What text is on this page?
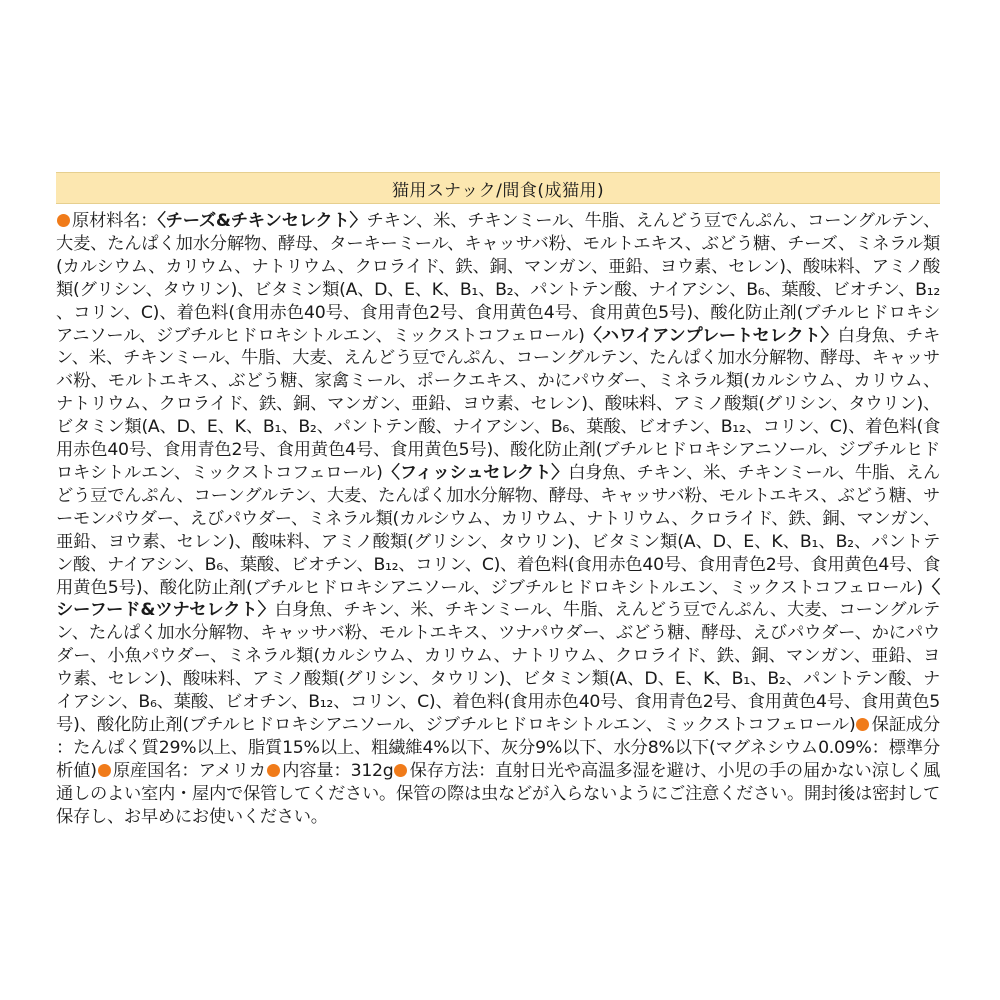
猫用スナック/間食(成猫用)
原材料名：〈チーズ&チキンセレクト〉チキン、米、チキンミール、牛脂、えんどう豆でんぷん、コーングルテン、大麦、たんぱく加水分解物、酵母、ターキーミール、キャッサバ粉、モルトエキス、ぶどう糖、チーズ、ミネラル類(カルシウム、カリウム、ナトリウム、クロライド、鉄、銅、マンガン、亜鉛、ヨウ素、セレン)、酸味料、アミノ酸類(グリシン、タウリン)、ビタミン類(A、D、E、K、B₁、B₂、パントテン酸、ナイアシン、B₆、葉酸、ビオチン、B₁₂、コリン、C)、着色料(食用赤色40号、食用青色2号、食用黄色4号、食用黄色5号)、酸化防止剤(ブチルヒドロキシアニソール、ジブチルヒドロキシトルエン、ミックストコフェロール)〈ハワイアンプレートセレクト〉白身魚、チキン、米、チキンミール、牛脂、大麦、えんどう豆でんぷん、コーングルテン、たんぱく加水分解物、酵母、キャッサバ粉、モルトエキス、ぶどう糖、家禽ミール、ポークエキス、かにパウダー、ミネラル類(カルシウム、カリウム、ナトリウム、クロライド、鉄、銅、マンガン、亜鉛、ヨウ素、セレン)、酸味料、アミノ酸類(グリシン、タウリン)、ビタミン類(A、D、E、K、B₁、B₂、パントテン酸、ナイアシン、B₆、葉酸、ビオチン、B₁₂、コリン、C)、着色料(食用赤色40号、食用青色2号、食用黄色4号、食用黄色5号)、酸化防止剤(ブチルヒドロキシアニソール、ジブチルヒドロキシトルエン、ミックストコフェロール)〈フィッシュセレクト〉白身魚、チキン、米、チキンミール、牛脂、えんどう豆でんぷん、コーングルテン、大麦、たんぱく加水分解物、酵母、キャッサバ粉、モルトエキス、ぶどう糖、サーモンパウダー、えびパウダー、ミネラル類(カルシウム、カリウム、ナトリウム、クロライド、鉄、銅、マンガン、亜鉛、ヨウ素、セレン)、酸味料、アミノ酸類(グリシン、タウリン)、ビタミン類(A、D、E、K、B₁、B₂、パントテン酸、ナイアシン、B₆、葉酸、ビオチン、B₁₂、コリン、C)、着色料(食用赤色40号、食用青色2号、食用黄色4号、食用黄色5号)、酸化防止剤(ブチルヒドロキシアニソール、ジブチルヒドロキシトルエン、ミックストコフェロール)〈シーフード&ツナセレクト〉白身魚、チキン、米、チキンミール、牛脂、えんどう豆でんぷん、大麦、コーングルテン、たんぱく加水分解物、キャッサバ粉、モルトエキス、ツナパウダー、ぶどう糖、酵母、えびパウダー、かにパウダー、小魚パウダー、ミネラル類(カルシウム、カリウム、ナトリウム、クロライド、鉄、銅、マンガン、亜鉛、ヨウ素、セレン)、酸味料、アミノ酸類(グリシン、タウリン)、ビタミン類(A、D、E、K、B₁、B₂、パントテン酸、ナイアシン、B₆、葉酸、ビオチン、B₁₂、コリン、C)、着色料(食用赤色40号、食用青色2号、食用黄色4号、食用黄色5号)、酸化防止剤(ブチルヒドロキシアニソール、ジブチルヒドロキシトルエン、ミックストコフェロール) 保証成分：たんぱく質29%以上、脂質15%以上、粗繊維4%以下、灰分9%以下、水分8%以下(マグネシウム0.09%：標準分析値) 原産国名：アメリカ 内容量：312g 保存方法：直射日光や高温多湿を避け、小児の手の届かない涼しく風通しのよい室内・屋内で保管してください。保管の際は虫などが入らないようにご注意ください。開封後は密封して保存し、お早めにお使いください。
